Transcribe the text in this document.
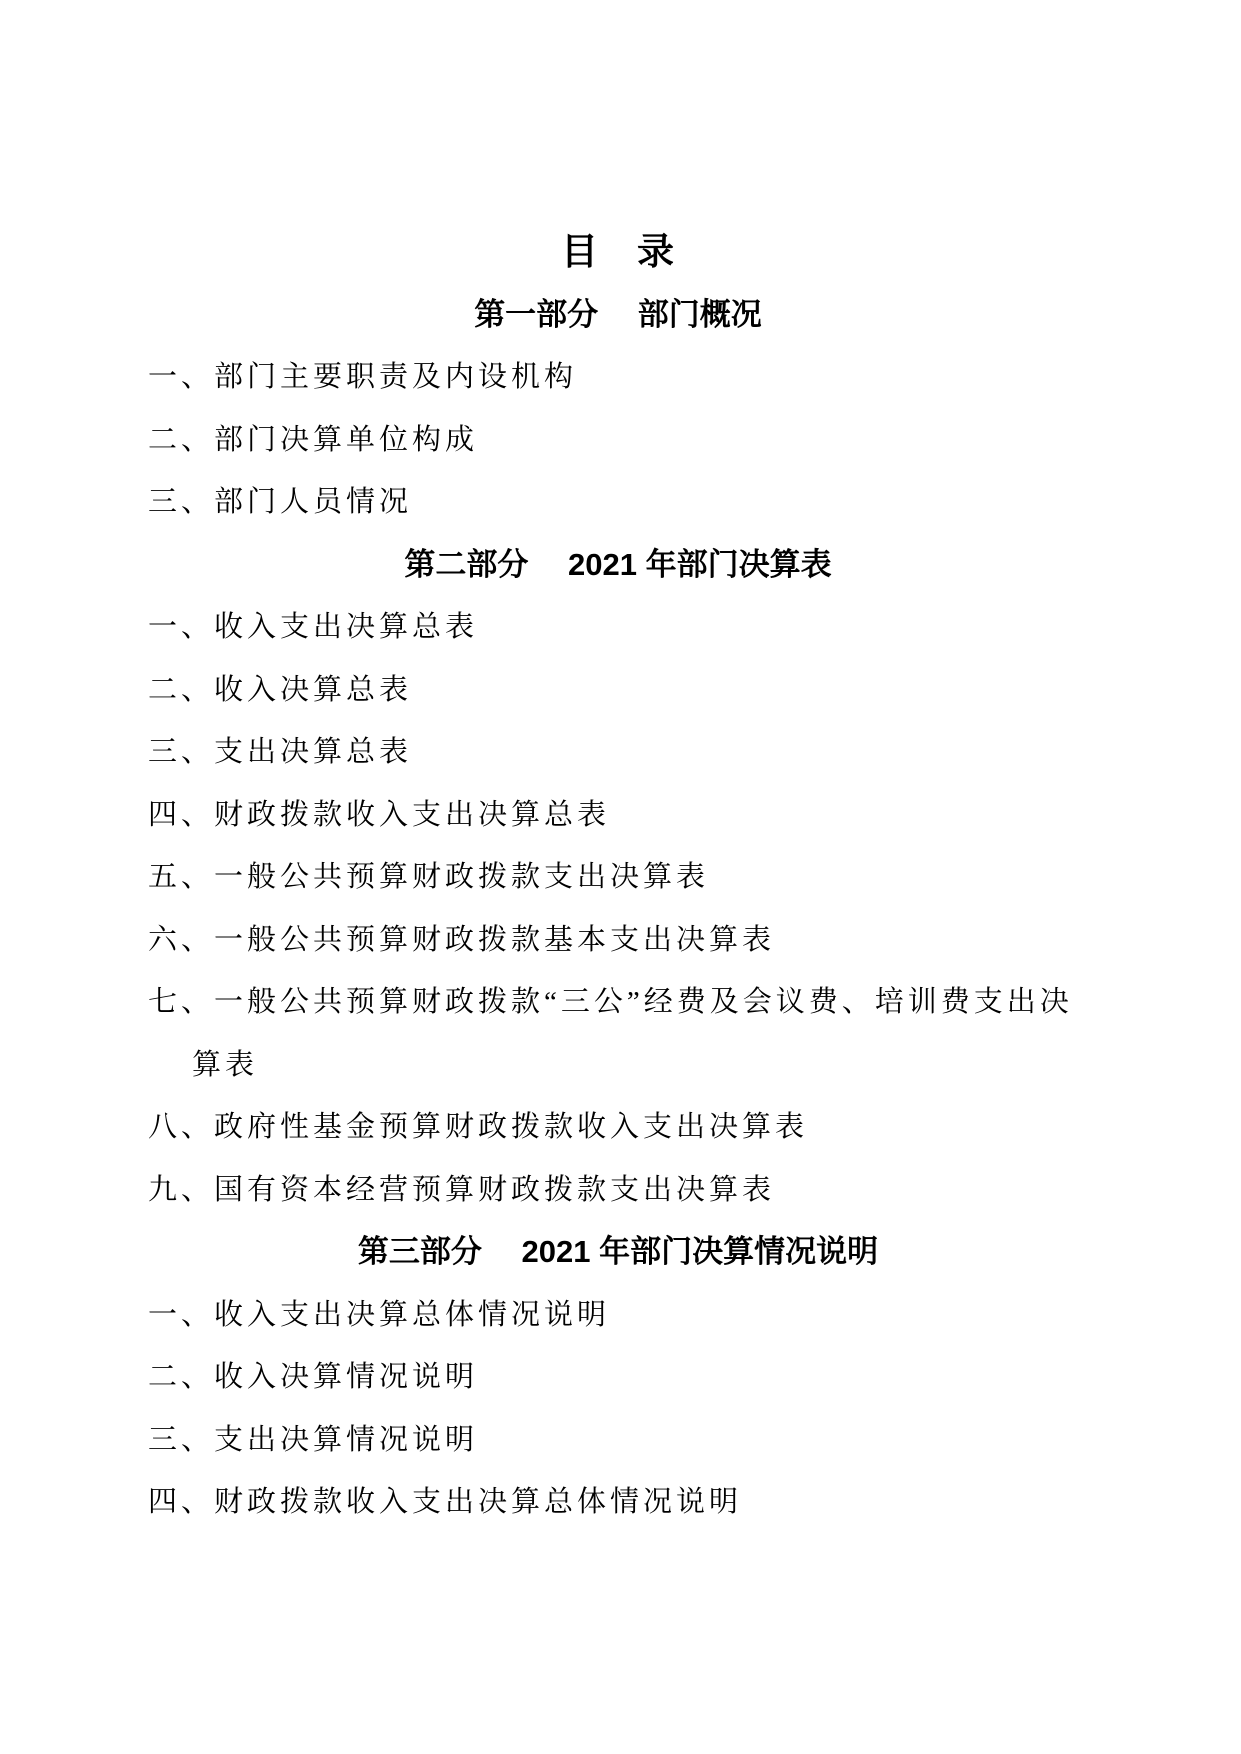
目　录
第一部分　 部门概况
一、部门主要职责及内设机构
二、部门决算单位构成
三、部门人员情况
第二部分　 2021 年部门决算表
一、收入支出决算总表
二、收入决算总表
三、支出决算总表
四、财政拨款收入支出决算总表
五、一般公共预算财政拨款支出决算表
六、一般公共预算财政拨款基本支出决算表
七、一般公共预算财政拨款“三公”经费及会议费、培训费支出决算表
八、政府性基金预算财政拨款收入支出决算表
九、国有资本经营预算财政拨款支出决算表
第三部分　 2021 年部门决算情况说明
一、收入支出决算总体情况说明
二、收入决算情况说明
三、支出决算情况说明
四、财政拨款收入支出决算总体情况说明
